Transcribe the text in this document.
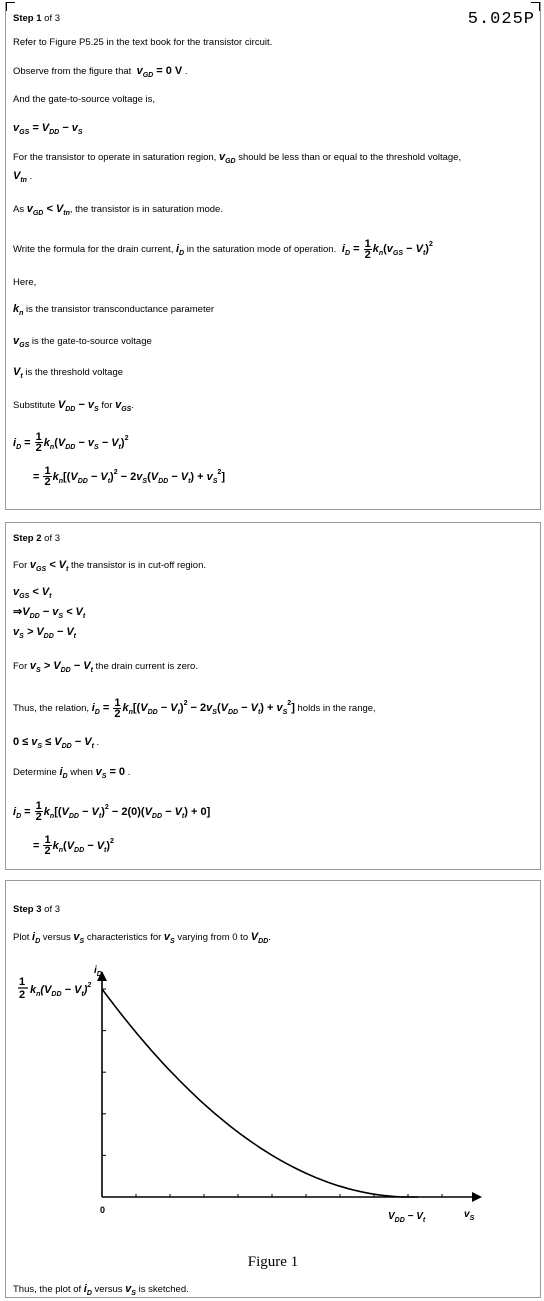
5.025P
Step 1 of 3
Refer to Figure P5.25 in the text book for the transistor circuit.
Observe from the figure that $v_{GD} = 0$ V .
And the gate-to-source voltage is,
$v_{GS} = V_{DD} - v_S$
For the transistor to operate in saturation region, $v_{GD}$ should be less than or equal to the threshold voltage,
$V_{tn}$ .
As $v_{GD} < V_{tn}$, the transistor is in saturation mode.
Write the formula for the drain current, $i_D$ in the saturation mode of operation.  $i_D = \frac{1}{2} k_n(v_{GS} - V_t)^2$
Here,
$k_n$ is the transistor transconductance parameter
$v_{GS}$ is the gate-to-source voltage
$V_t$ is the threshold voltage
Substitute $V_{DD} - v_S$ for $v_{GS}$.
$i_D = \frac{1}{2} k_n(V_{DD} - v_S - V_t)^2$
= $\frac{1}{2} k_n[(V_{DD} - V_t)^2 - 2v_S(V_{DD} - V_t) + v_S^2]$
Step 2 of 3
For $v_{GS} < V_t$ the transistor is in cut-off region.
$v_{GS} < V_t$
$\Rightarrow V_{DD} - v_S < V_t$
$v_S > V_{DD} - V_t$
For $v_S > V_{DD} - V_t$ the drain current is zero.
Thus, the relation, $i_D = \frac{1}{2} k_n[(V_{DD} - V_t)^2 - 2v_S(V_{DD} - V_t) + v_S^2]$ holds in the range,
$0 \le v_S \le V_{DD} - V_t$ .
Determine $i_D$ when $v_S = 0$ .
$i_D = \frac{1}{2} k_n[(V_{DD} - V_t)^2 - 2(0)(V_{DD} - V_t) + 0]$
= $\frac{1}{2} k_n(V_{DD} - V_t)^2$
Step 3 of 3
Plot $i_D$ versus $v_S$ characteristics for $v_S$ varying from 0 to $V_{DD}$.
$i_D$
$v_S$
0
1
2 $k_n(V_{DD} - V_t)^2$
$V_{DD} - V_t$
Figure 1
Thus, the plot of $i_D$ versus $v_S$ is sketched.
